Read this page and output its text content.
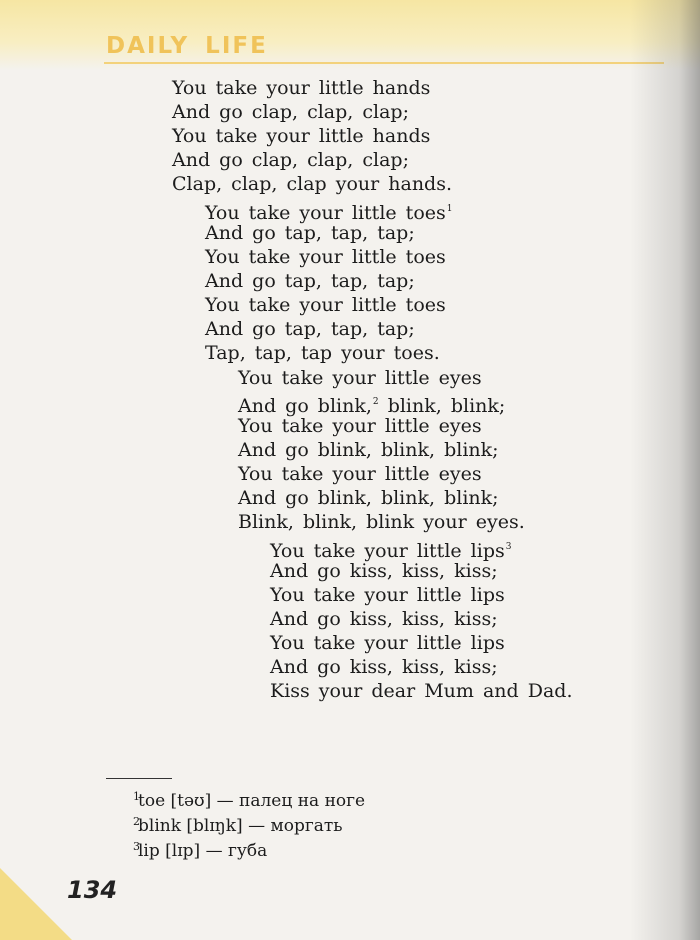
DAILY LIFE
You take your little hands
And go clap, clap, clap;
You take your little hands
And go clap, clap, clap;
Clap, clap, clap your hands.
You take your little toes$^1$
And go tap, tap, tap;
You take your little toes
And go tap, tap, tap;
You take your little toes
And go tap, tap, tap;
Tap, tap, tap your toes.
You take your little eyes
And go blink,$^2$ blink, blink;
You take your little eyes
And go blink, blink, blink;
You take your little eyes
And go blink, blink, blink;
Blink, blink, blink your eyes.
You take your little lips$^3$
And go kiss, kiss, kiss;
You take your little lips
And go kiss, kiss, kiss;
You take your little lips
And go kiss, kiss, kiss;
Kiss your dear Mum and Dad.
1
toe [təʊ] — палец на ноге
2
blink [blɪŋk] — моргать
3
lip [lɪp] — губа
134
